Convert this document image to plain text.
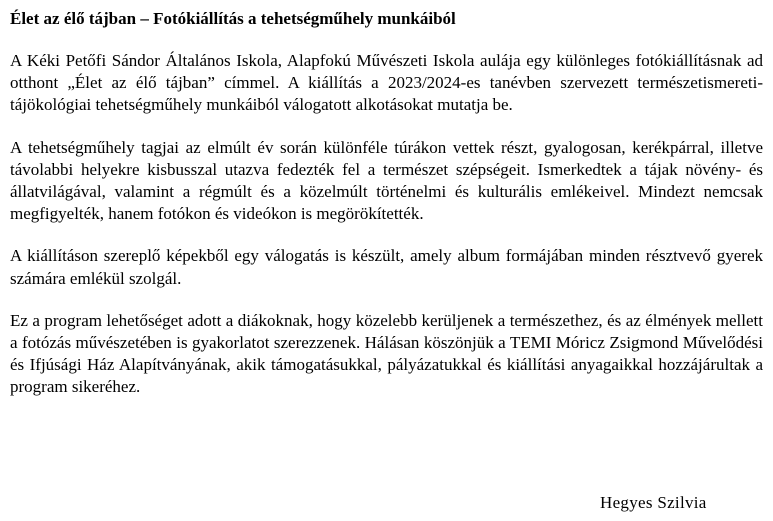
Élet az élő tájban – Fotókiállítás a tehetségműhely munkáiból

A Kéki Petőfi Sándor Általános Iskola, Alapfokú Művészeti Iskola aulája egy különleges fotókiállításnak ad otthont „Élet az élő tájban” címmel. A kiállítás a 2023/2024-es tanévben szervezett természetismereti-tájökológiai tehetségműhely munkáiból válogatott alkotásokat mutatja be.

A tehetségműhely tagjai az elmúlt év során különféle túrákon vettek részt, gyalogosan, kerékpárral, illetve távolabbi helyekre kisbusszal utazva fedezték fel a természet szépségeit. Ismerkedtek a tájak növény- és állatvilágával, valamint a régmúlt és a közelmúlt történelmi és kulturális emlékeivel. Mindezt nemcsak megfigyelték, hanem fotókon és videókon is megörökítették.

A kiállításon szereplő képekből egy válogatás is készült, amely album formájában minden résztvevő gyerek számára emlékül szolgál.

Ez a program lehetőséget adott a diákoknak, hogy közelebb kerüljenek a természethez, és az élmények mellett a fotózás művészetében is gyakorlatot szerezzenek. Hálásan köszönjük a TEMI Móricz Zsigmond Művelődési és Ifjúsági Ház Alapítványának, akik támogatásukkal, pályázatukkal és kiállítási anyagaikkal hozzájárultak a program sikeréhez.

Hegyes Szilvia
